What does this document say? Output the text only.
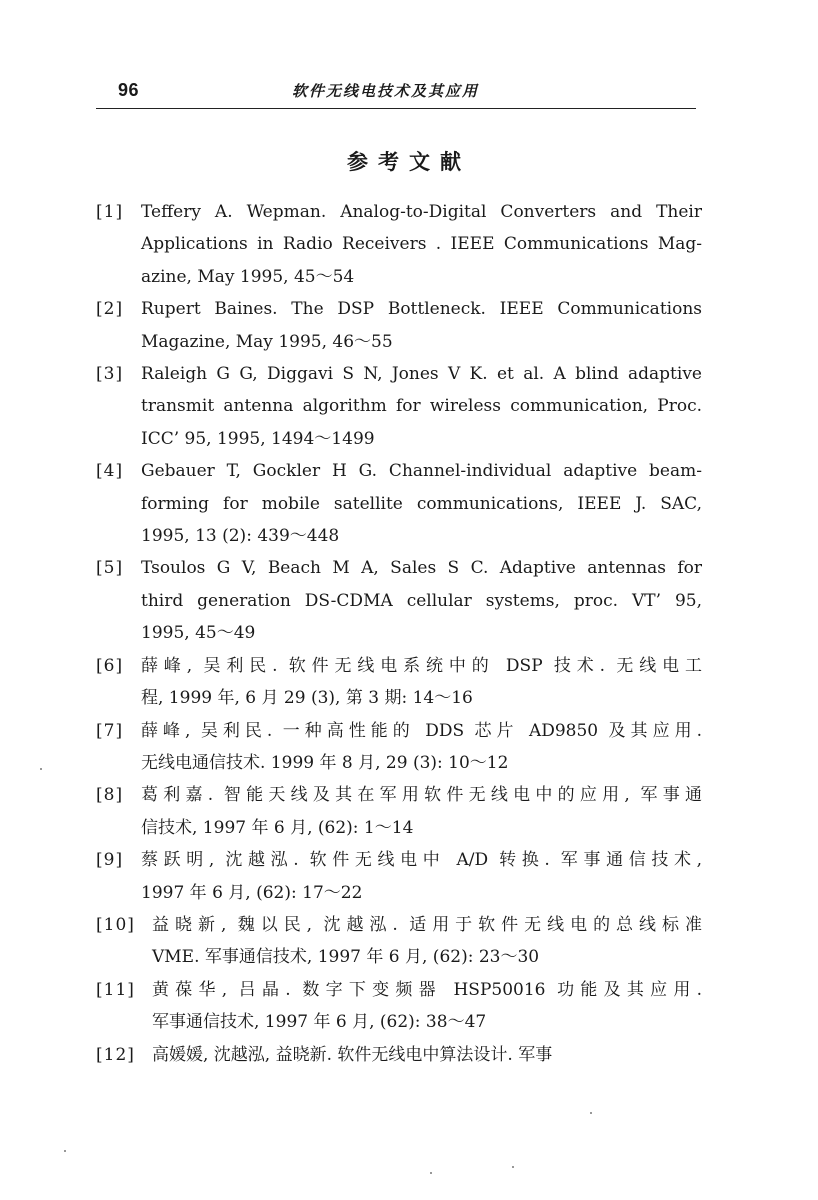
96	软件无线电技术及其应用
参考文献
[1] Teffery A. Wepman. Analog-to-Digital Converters and Their
Applications in Radio Receivers . IEEE Communications Mag-
azine, May 1995, 45～54
[2] Rupert Baines. The DSP Bottleneck. IEEE Communications
Magazine, May 1995, 46～55
[3] Raleigh G G, Diggavi S N, Jones V K. et al. A blind adaptive
transmit antenna algorithm for wireless communication, Proc.
ICC’ 95, 1995, 1494～1499
[4] Gebauer T, Gockler H G. Channel-individual adaptive beam-
forming for mobile satellite communications, IEEE J. SAC,
1995, 13 (2): 439～448
[5] Tsoulos G V, Beach M A, Sales S C. Adaptive antennas for
third generation DS-CDMA cellular systems, proc. VT’ 95,
1995, 45～49
[6] 薛峰, 吴利民. 软件无线电系统中的 DSP 技术. 无线电工
程, 1999 年, 6 月 29 (3), 第 3 期: 14～16
[7] 薛峰, 吴利民. 一种高性能的 DDS 芯片 AD9850 及其应用.
无线电通信技术. 1999 年 8 月, 29 (3): 10～12
[8] 葛利嘉. 智能天线及其在军用软件无线电中的应用, 军事通
信技术, 1997 年 6 月, (62): 1～14
[9] 蔡跃明, 沈越泓. 软件无线电中 A/D 转换. 军事通信技术,
1997 年 6 月, (62): 17～22
[10] 益晓新, 魏以民, 沈越泓. 适用于软件无线电的总线标准
VME. 军事通信技术, 1997 年 6 月, (62): 23～30
[11] 黄葆华, 吕晶. 数字下变频器 HSP50016 功能及其应用.
军事通信技术, 1997 年 6 月, (62): 38～47
[12] 高媛媛, 沈越泓, 益晓新. 软件无线电中算法设计. 军事
